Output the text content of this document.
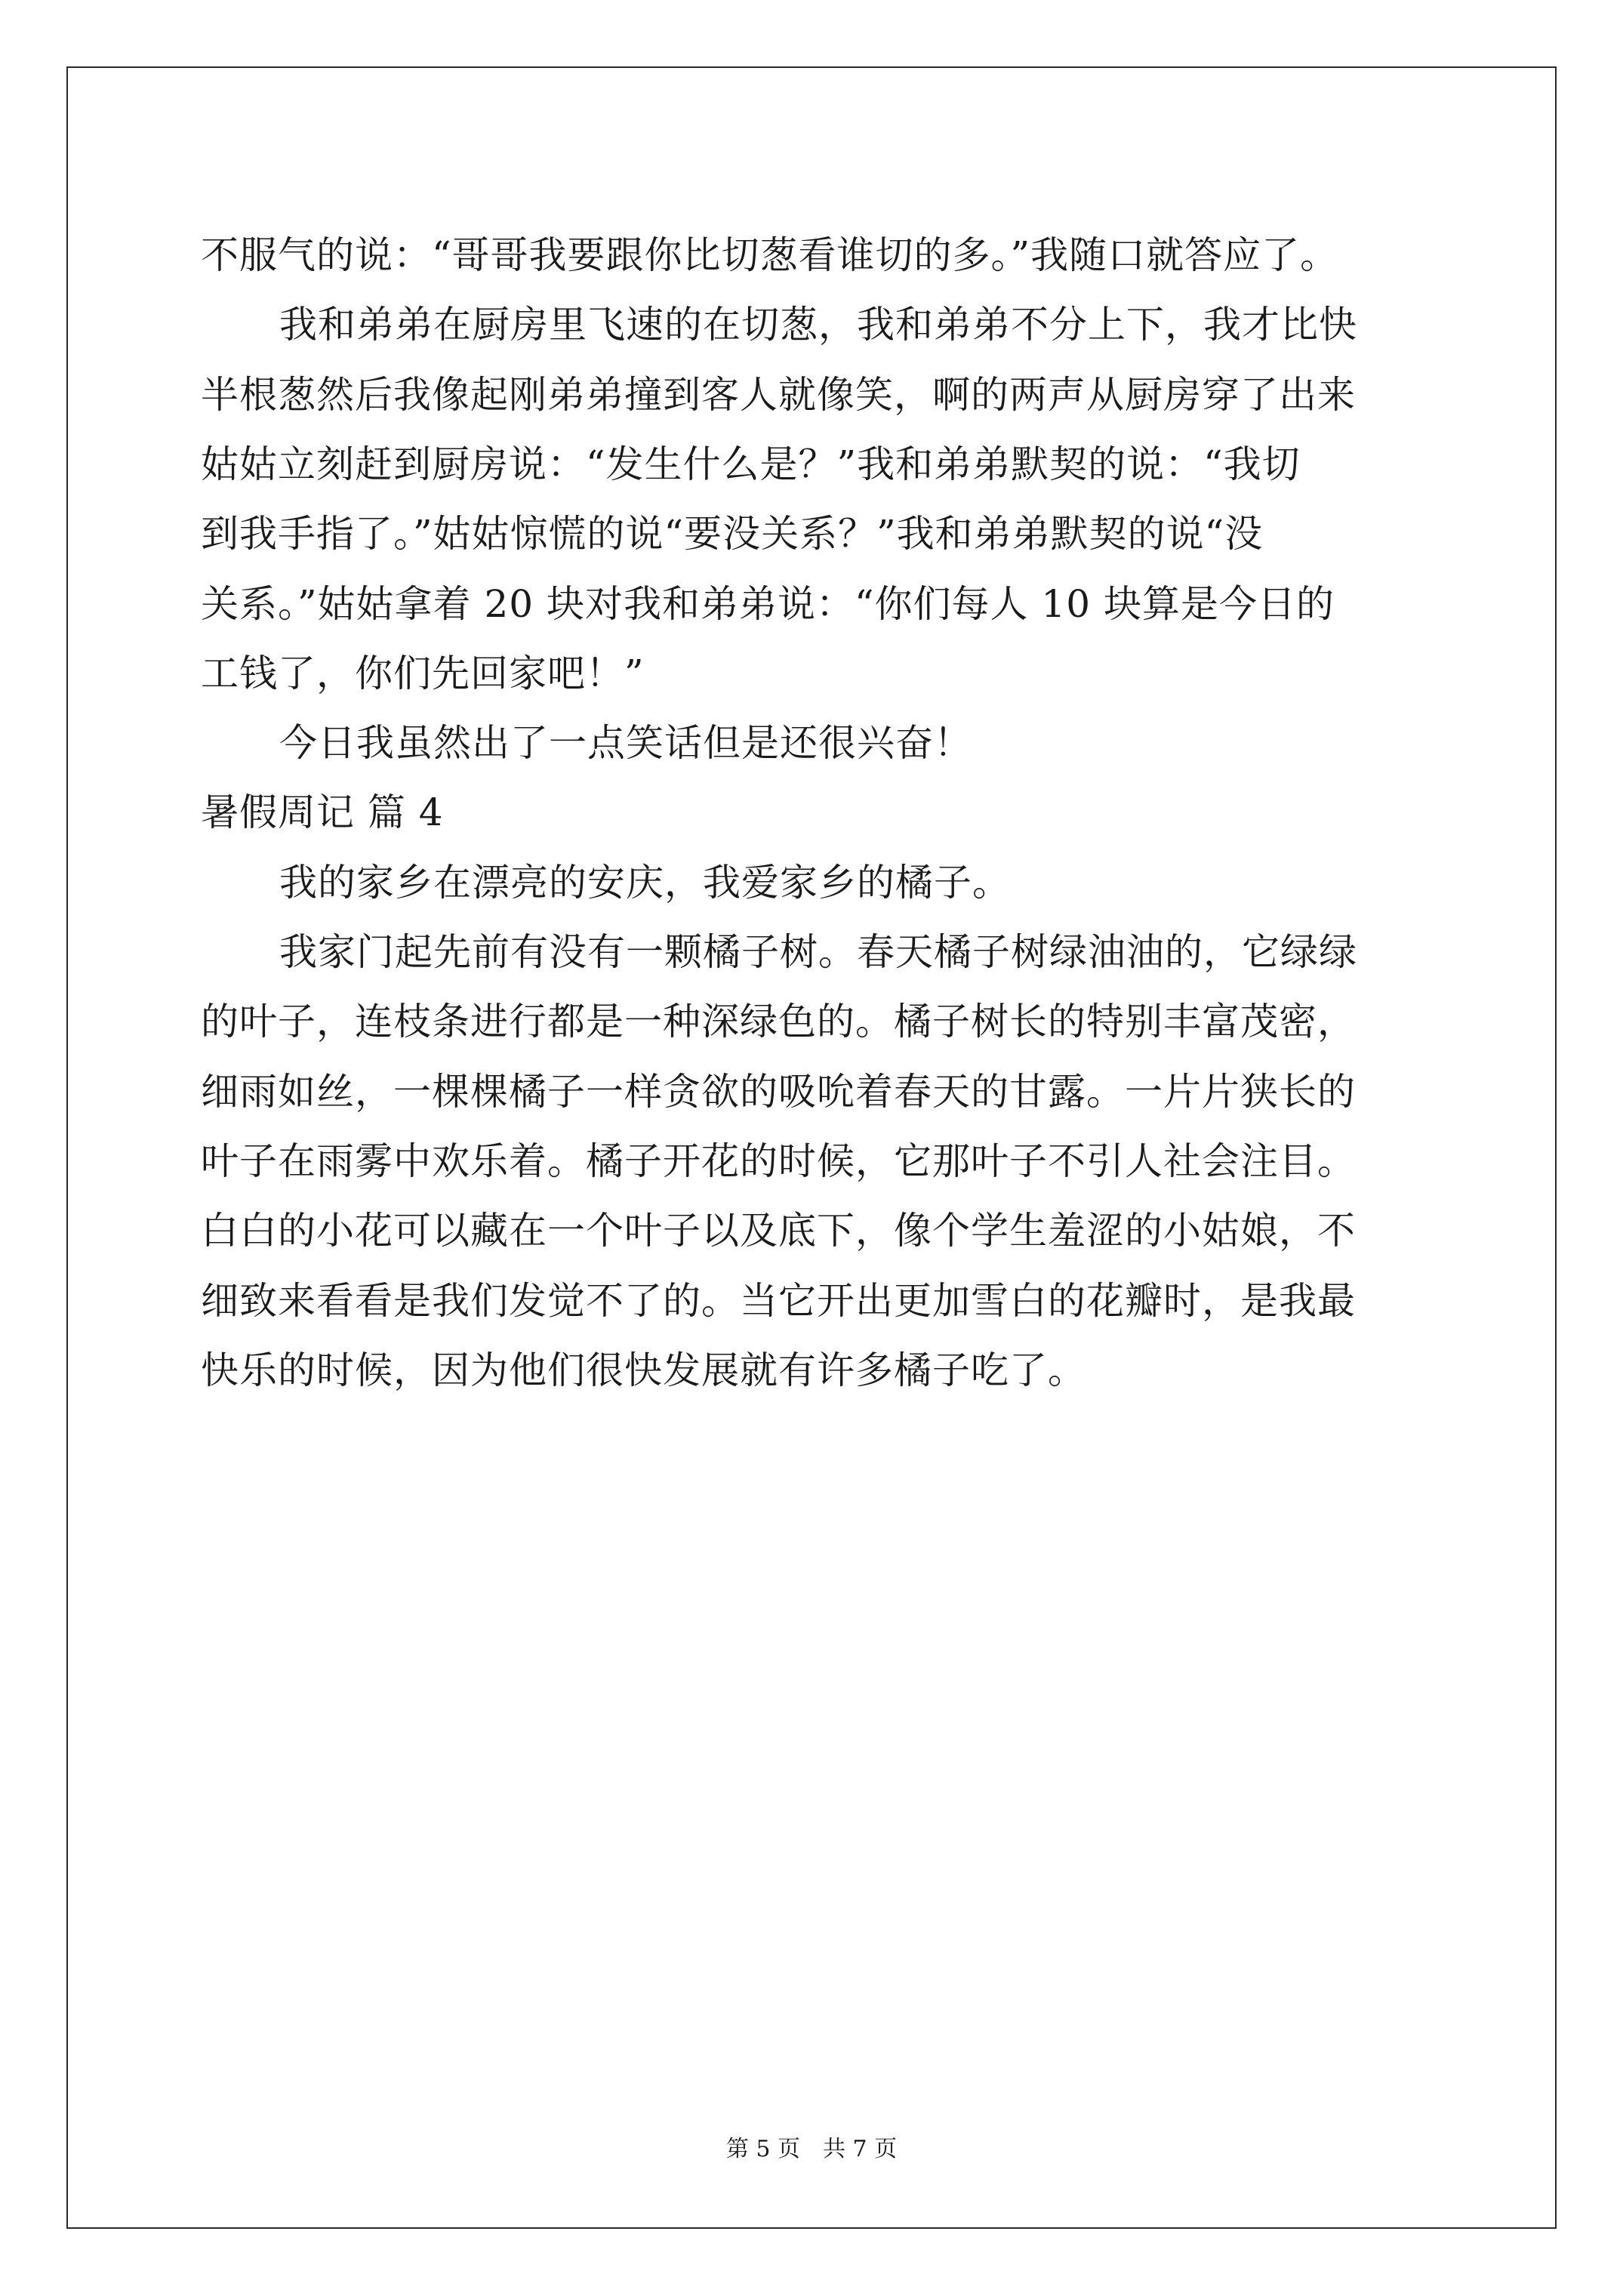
不服气的说：“哥哥我要跟你比切葱看谁切的多。”我随口就答应了。
我和弟弟在厨房里飞速的在切葱，我和弟弟不分上下，我才比快
半根葱然后我像起刚弟弟撞到客人就像笑，啊的两声从厨房穿了出来
姑姑立刻赶到厨房说：“发生什么是？”我和弟弟默契的说：“我切
到我手指了。”姑姑惊慌的说“要没关系？”我和弟弟默契的说“没
关系。”姑姑拿着 20 块对我和弟弟说：“你们每人 10 块算是今日的
工钱了，你们先回家吧！”
今日我虽然出了一点笑话但是还很兴奋！
暑假周记 篇 4
我的家乡在漂亮的安庆，我爱家乡的橘子。
我家门起先前有没有一颗橘子树。春天橘子树绿油油的，它绿绿
的叶子，连枝条进行都是一种深绿色的。橘子树长的特别丰富茂密，
细雨如丝，一棵棵橘子一样贪欲的吸吮着春天的甘露。一片片狭长的
叶子在雨雾中欢乐着。橘子开花的时候，它那叶子不引人社会注目。
白白的小花可以藏在一个叶子以及底下，像个学生羞涩的小姑娘，不
细致来看看是我们发觉不了的。当它开出更加雪白的花瓣时，是我最
快乐的时候，因为他们很快发展就有许多橘子吃了。
第 5 页　共 7 页
